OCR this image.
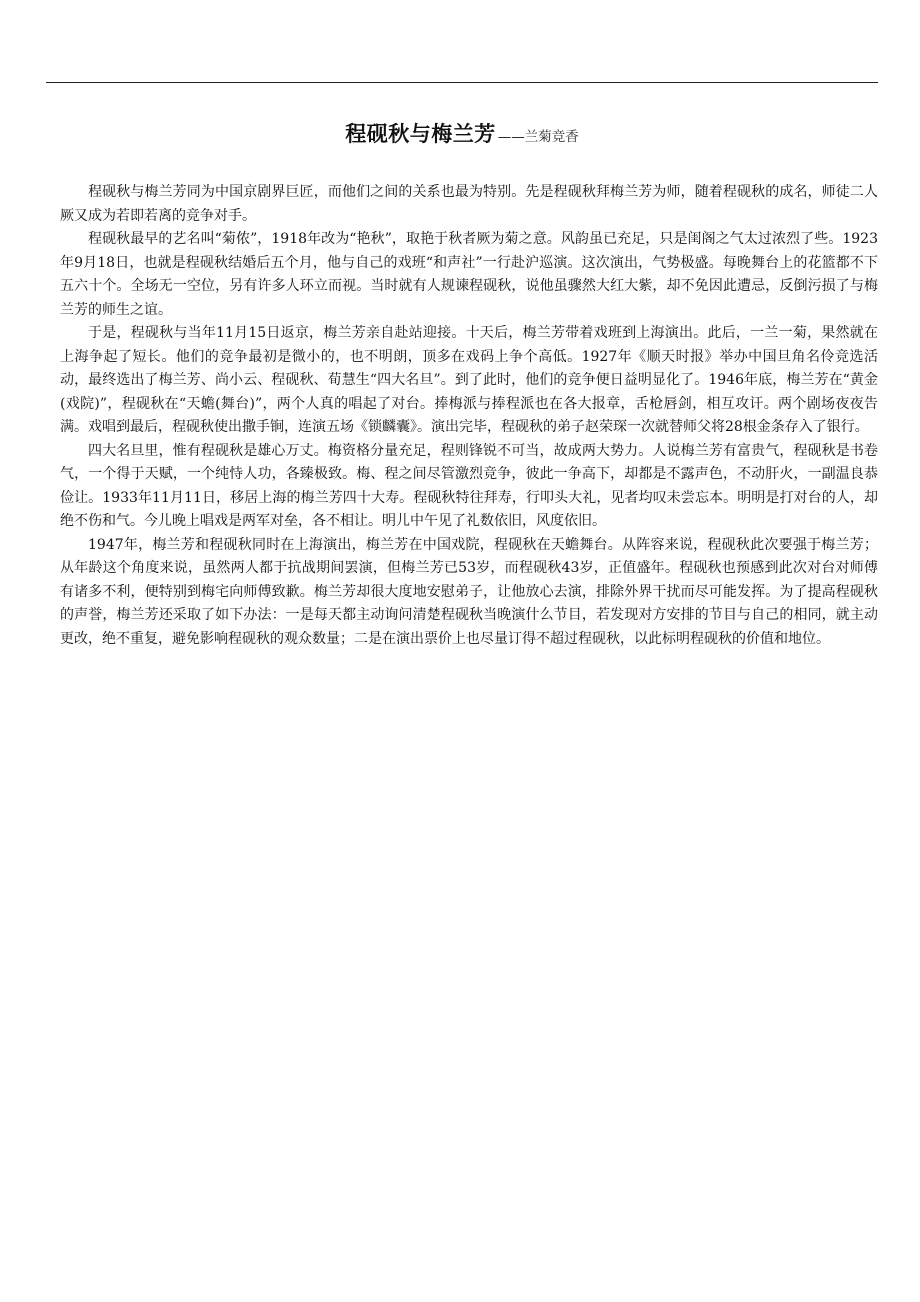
程砚秋与梅兰芳 ——兰菊竞香

程砚秋与梅兰芳同为中国京剧界巨匠，而他们之间的关系也最为特别。先是程砚秋拜梅兰芳为师，随着程砚秋的成名，师徒二人厥又成为若即若离的竞争对手。

程砚秋最早的艺名叫“菊侬”，1918年改为“艳秋”，取艳于秋者厥为菊之意。风韵虽已充足，只是闺阁之气太过浓烈了些。1923年9月18日，也就是程砚秋结婚后五个月，他与自己的戏班“和声社”一行赴沪巡演。这次演出，气势极盛。每晚舞台上的花篮都不下五六十个。全场无一空位，另有许多人环立而视。当时就有人规谏程砚秋，说他虽骤然大红大紫，却不免因此遭忌，反倒污损了与梅兰芳的师生之谊。

于是，程砚秋与当年11月15日返京，梅兰芳亲自赴站迎接。十天后，梅兰芳带着戏班到上海演出。此后，一兰一菊，果然就在上海争起了短长。他们的竞争最初是微小的，也不明朗，顶多在戏码上争个高低。1927年《顺天时报》举办中国旦角名伶竞选活动，最终选出了梅兰芳、尚小云、程砚秋、荀慧生“四大名旦”。到了此时，他们的竞争便日益明显化了。1946年底，梅兰芳在“黄金(戏院)”，程砚秋在“天蟾(舞台)”，两个人真的唱起了对台。捧梅派与捧程派也在各大报章，舌枪唇剑，相互攻讦。两个剧场夜夜告满。戏唱到最后，程砚秋使出撒手锏，连演五场《锁麟囊》。演出完毕，程砚秋的弟子赵荣琛一次就替师父将28根金条存入了银行。

四大名旦里，惟有程砚秋是雄心万丈。梅资格分量充足，程则锋锐不可当，故成两大势力。人说梅兰芳有富贵气，程砚秋是书卷气，一个得于天赋，一个纯恃人功，各臻极致。梅、程之间尽管激烈竞争，彼此一争高下，却都是不露声色，不动肝火，一副温良恭俭让。1933年11月11日，移居上海的梅兰芳四十大寿。程砚秋特往拜寿，行叩头大礼，见者均叹未尝忘本。明明是打对台的人，却绝不伤和气。今儿晚上唱戏是两军对垒，各不相让。明儿中午见了礼数依旧，风度依旧。

1947年，梅兰芳和程砚秋同时在上海演出，梅兰芳在中国戏院，程砚秋在天蟾舞台。从阵容来说，程砚秋此次要强于梅兰芳；从年龄这个角度来说，虽然两人都于抗战期间罢演，但梅兰芳已53岁，而程砚秋43岁，正值盛年。程砚秋也预感到此次对台对师傅有诸多不利，便特别到梅宅向师傅致歉。梅兰芳却很大度地安慰弟子，让他放心去演，排除外界干扰而尽可能发挥。为了提高程砚秋的声誉，梅兰芳还采取了如下办法：一是每天都主动询问清楚程砚秋当晚演什么节目，若发现对方安排的节目与自己的相同，就主动更改，绝不重复，避免影响程砚秋的观众数量；二是在演出票价上也尽量订得不超过程砚秋，以此标明程砚秋的价值和地位。
